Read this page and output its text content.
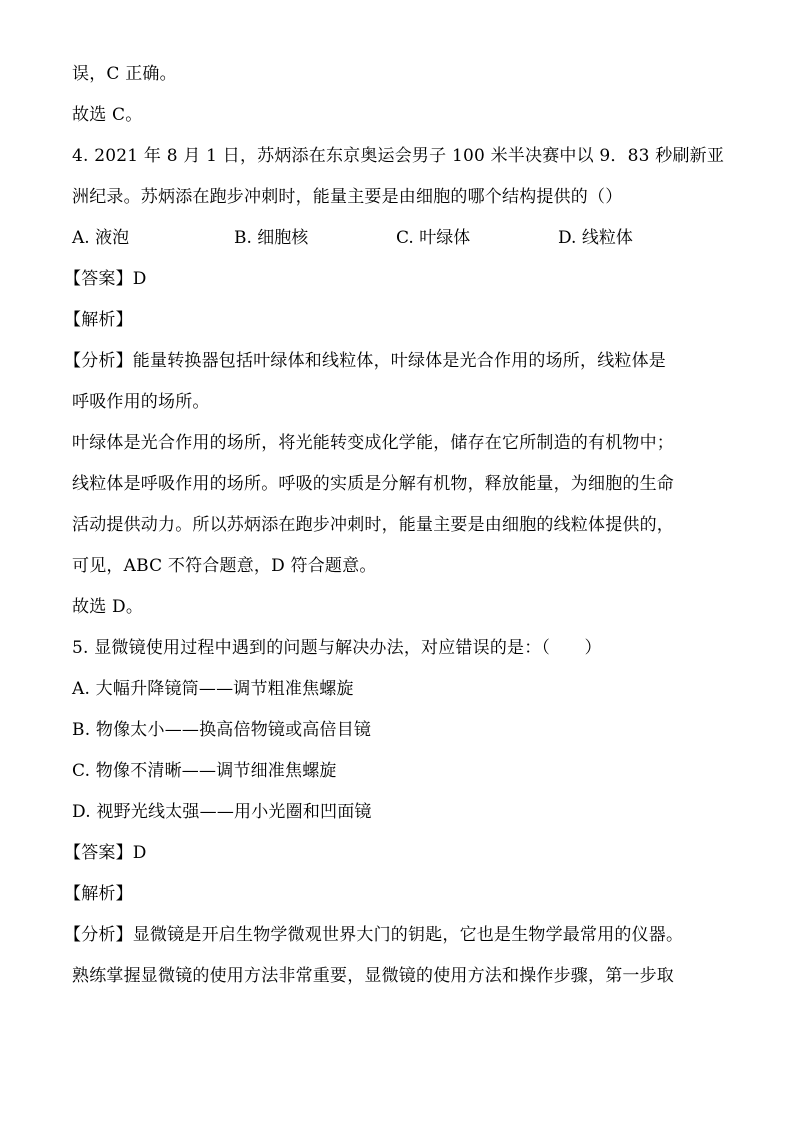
误，C 正确。
故选 C。
4. 2021 年 8 月 1 日，苏炳添在东京奥运会男子 100 米半决赛中以 9．83 秒刷新亚
洲纪录。苏炳添在跑步冲刺时，能量主要是由细胞的哪个结构提供的（）
A. 液泡	B. 细胞核	C. 叶绿体	D. 线粒体
【答案】D
【解析】
【分析】能量转换器包括叶绿体和线粒体，叶绿体是光合作用的场所，线粒体是
呼吸作用的场所。
叶绿体是光合作用的场所，将光能转变成化学能，储存在它所制造的有机物中；
线粒体是呼吸作用的场所。呼吸的实质是分解有机物，释放能量，为细胞的生命
活动提供动力。所以苏炳添在跑步冲刺时，能量主要是由细胞的线粒体提供的，
可见，ABC 不符合题意，D 符合题意。
故选 D。
5. 显微镜使用过程中遇到的问题与解决办法，对应错误的是：（　　）
A. 大幅升降镜筒——调节粗准焦螺旋
B. 物像太小——换高倍物镜或高倍目镜
C. 物像不清晰——调节细准焦螺旋
D. 视野光线太强——用小光圈和凹面镜
【答案】D
【解析】
【分析】显微镜是开启生物学微观世界大门的钥匙，它也是生物学最常用的仪器。
熟练掌握显微镜的使用方法非常重要，显微镜的使用方法和操作步骤，第一步取
